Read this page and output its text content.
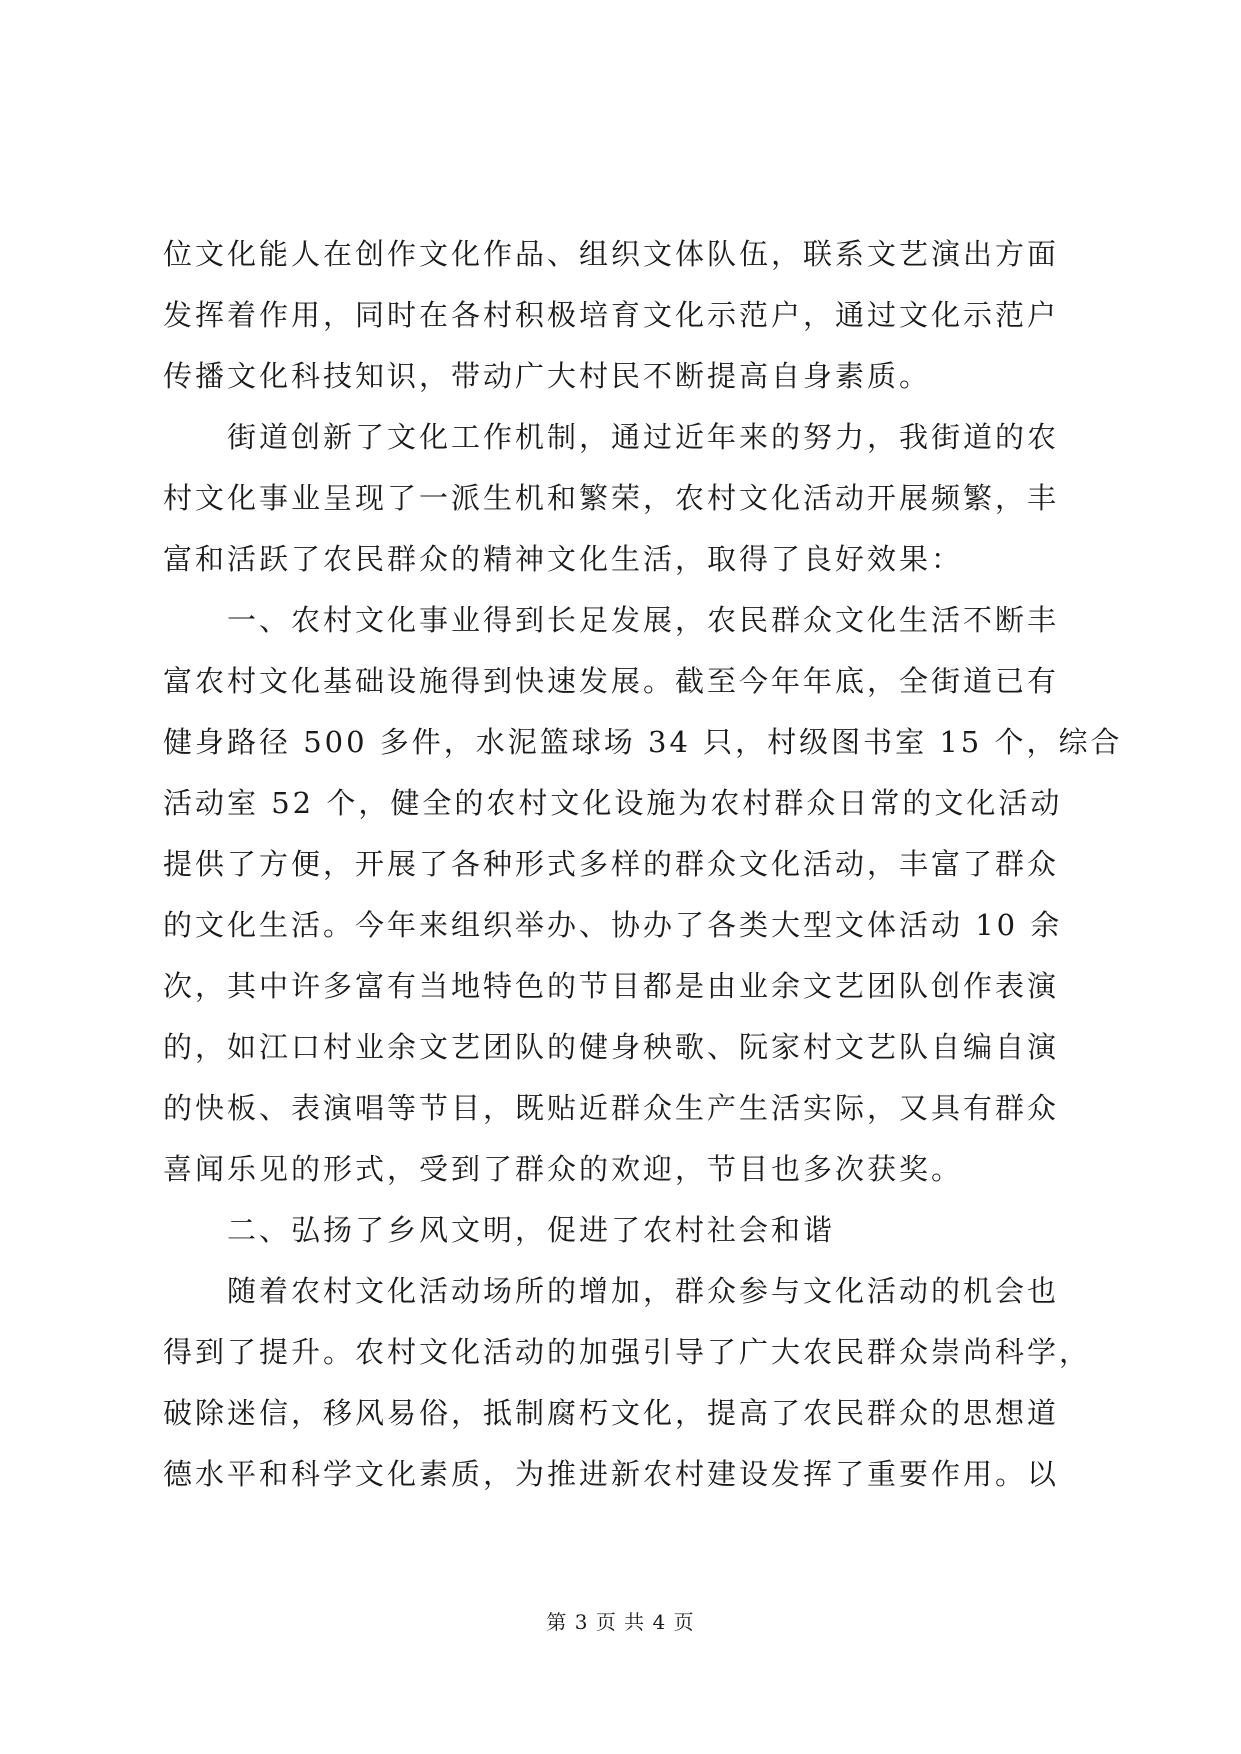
位文化能人在创作文化作品、组织文体队伍，联系文艺演出方面
发挥着作用，同时在各村积极培育文化示范户，通过文化示范户
传播文化科技知识，带动广大村民不断提高自身素质。
街道创新了文化工作机制，通过近年来的努力，我街道的农
村文化事业呈现了一派生机和繁荣，农村文化活动开展频繁，丰
富和活跃了农民群众的精神文化生活，取得了良好效果：
一、农村文化事业得到长足发展，农民群众文化生活不断丰
富农村文化基础设施得到快速发展。截至今年年底，全街道已有
健身路径 500 多件，水泥篮球场 34 只，村级图书室 15 个，综合
活动室 52 个，健全的农村文化设施为农村群众日常的文化活动
提供了方便，开展了各种形式多样的群众文化活动，丰富了群众
的文化生活。今年来组织举办、协办了各类大型文体活动 10 余
次，其中许多富有当地特色的节目都是由业余文艺团队创作表演
的，如江口村业余文艺团队的健身秧歌、阮家村文艺队自编自演
的快板、表演唱等节目，既贴近群众生产生活实际，又具有群众
喜闻乐见的形式，受到了群众的欢迎，节目也多次获奖。
二、弘扬了乡风文明，促进了农村社会和谐
随着农村文化活动场所的增加，群众参与文化活动的机会也
得到了提升。农村文化活动的加强引导了广大农民群众崇尚科学，
破除迷信，移风易俗，抵制腐朽文化，提高了农民群众的思想道
德水平和科学文化素质，为推进新农村建设发挥了重要作用。以
第 3 页 共 4 页
